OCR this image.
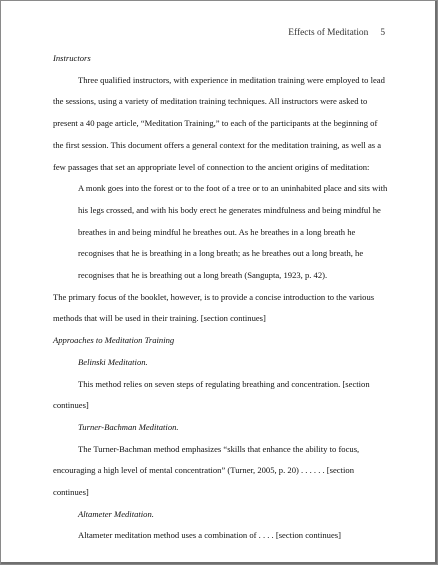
Effects of Meditation 5

Instructors

Three qualified instructors, with experience in meditation training were employed to lead the sessions, using a variety of meditation training techniques. All instructors were asked to present a 40 page article, “Meditation Training,” to each of the participants at the beginning of the first session. This document offers a general context for the meditation training, as well as a few passages that set an appropriate level of connection to the ancient origins of meditation:

A monk goes into the forest or to the foot of a tree or to an uninhabited place and sits with his legs crossed, and with his body erect he generates mindfulness and being mindful he breathes in and being mindful he breathes out. As he breathes in a long breath he recognises that he is breathing in a long breath; as he breathes out a long breath, he recognises that he is breathing out a long breath (Sangupta, 1923, p. 42).

The primary focus of the booklet, however, is to provide a concise introduction to the various methods that will be used in their training. [section continues]

Approaches to Meditation Training

Belinski Meditation.

This method relies on seven steps of regulating breathing and concentration. [section continues]

Turner-Bachman Meditation.

The Turner-Bachman method emphasizes “skills that enhance the ability to focus, encouraging a high level of mental concentration” (Turner, 2005, p. 20) . . . . . . [section continues]

Altameter Meditation.

Altameter meditation method uses a combination of . . . . [section continues]
